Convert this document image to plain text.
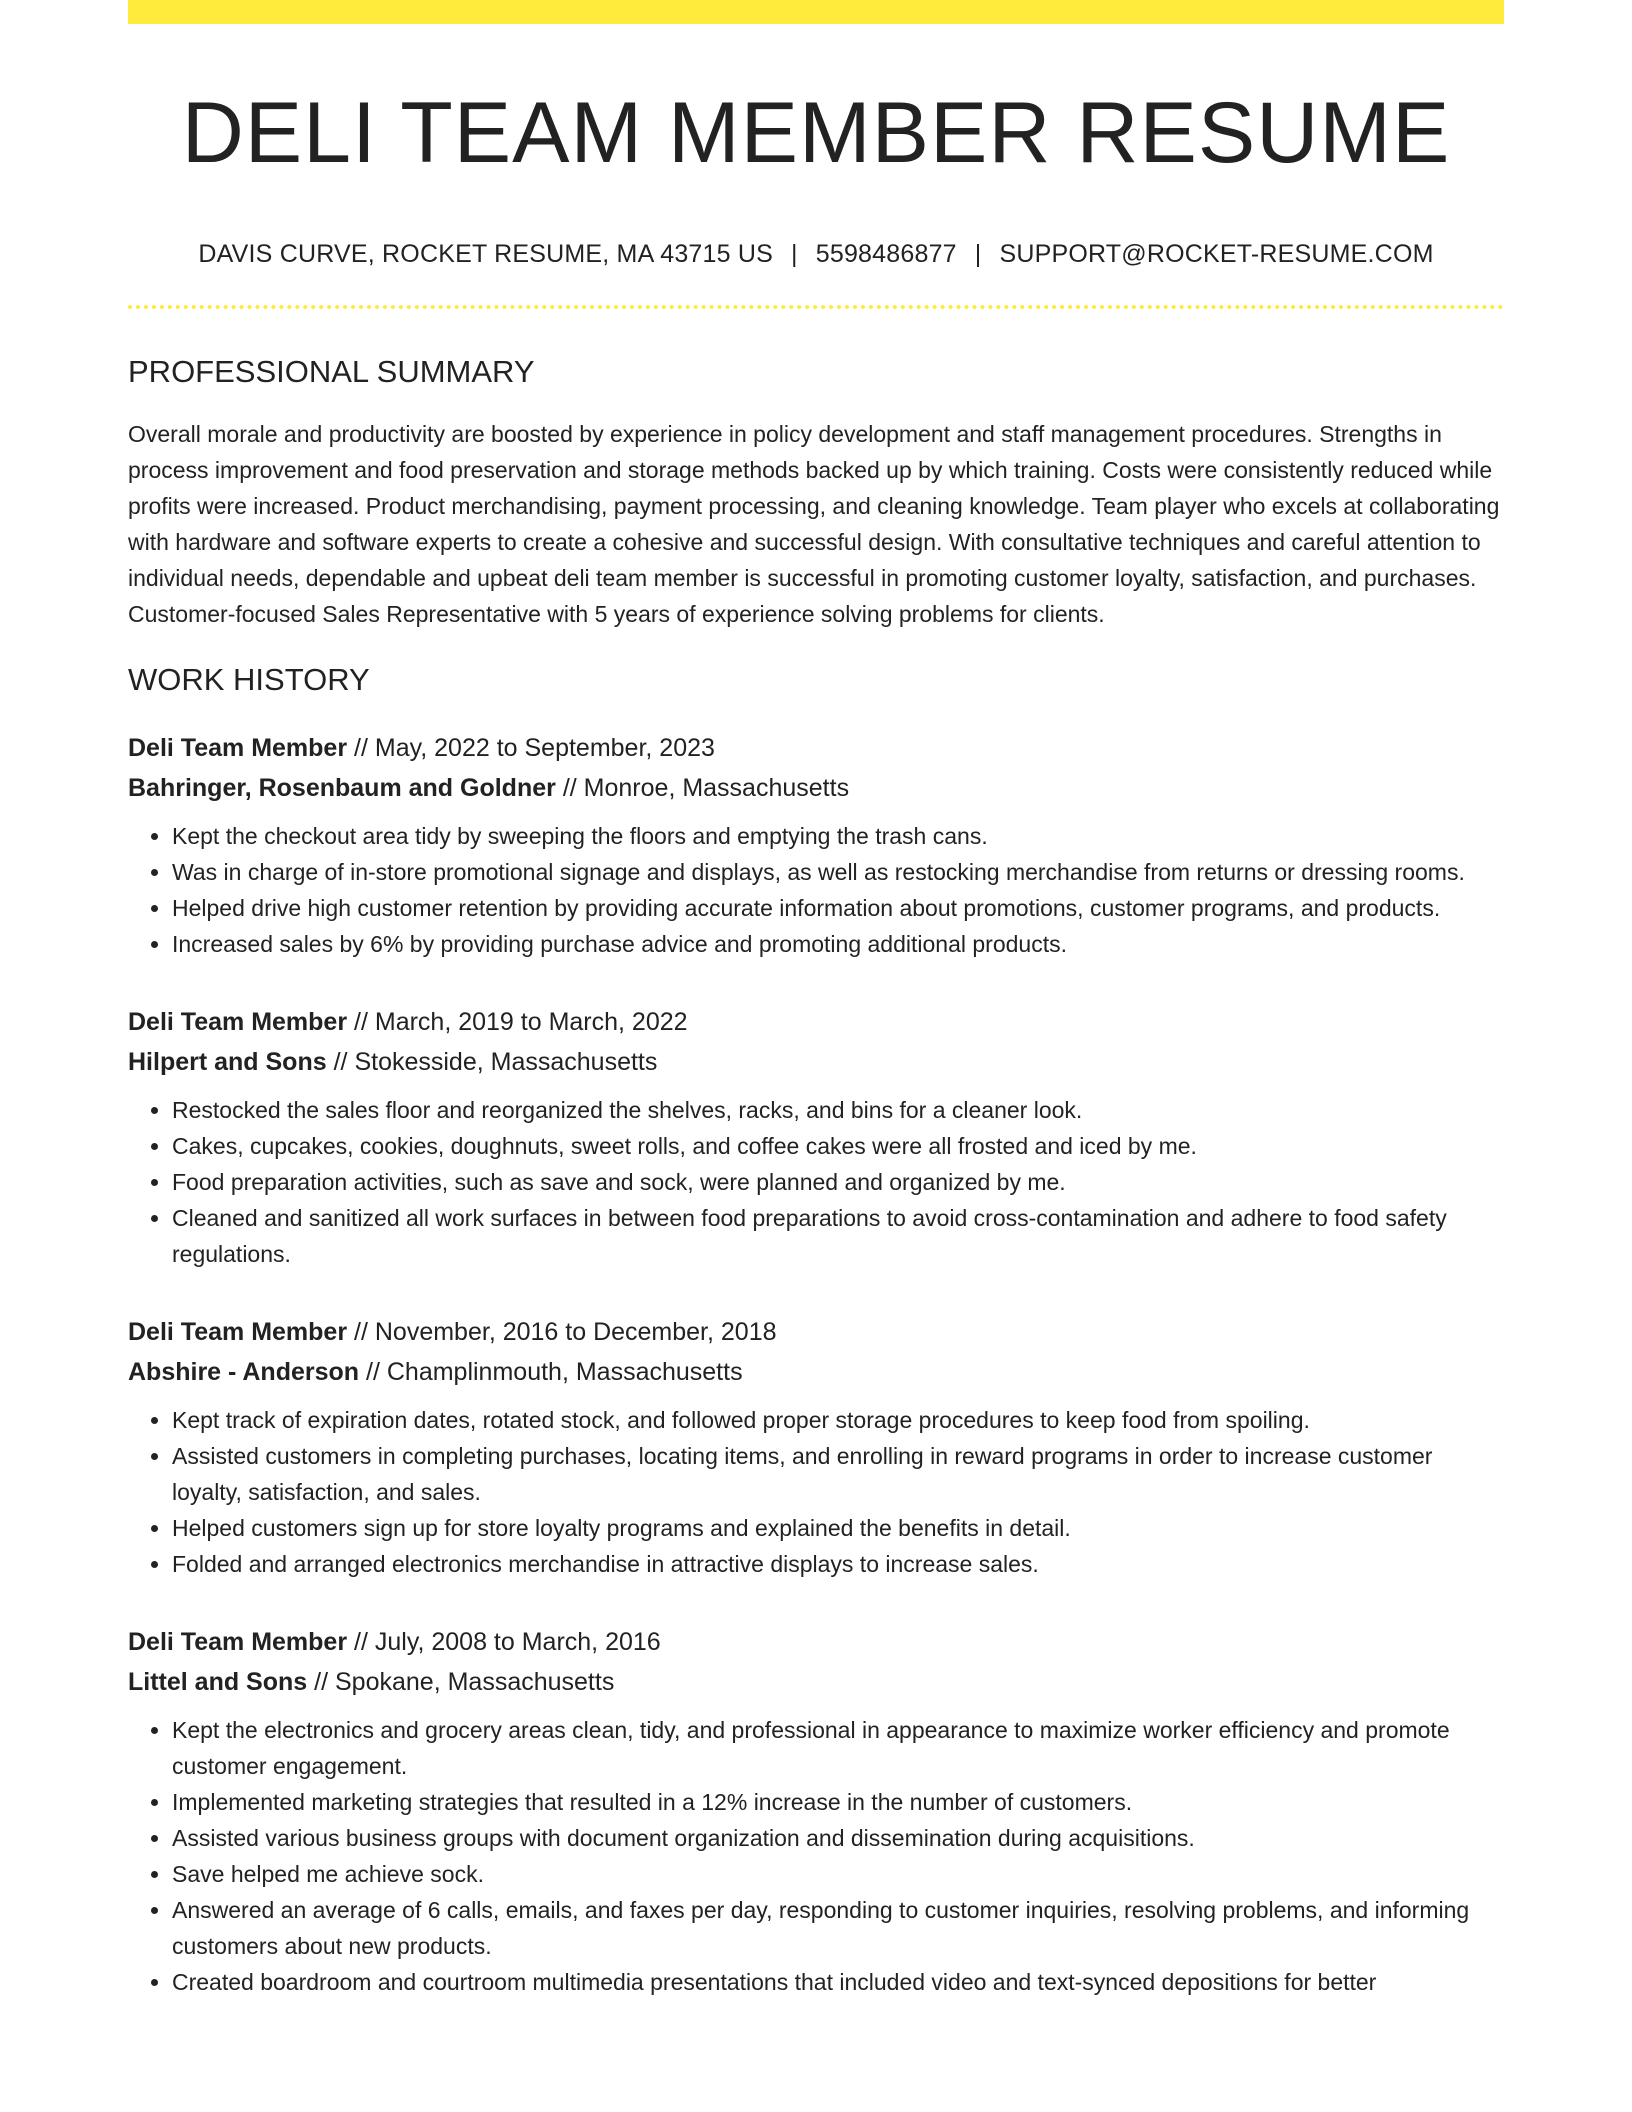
DELI TEAM MEMBER RESUME
DAVIS CURVE, ROCKET RESUME, MA 43715 US | 5598486877 | SUPPORT@ROCKET-RESUME.COM
PROFESSIONAL SUMMARY

Overall morale and productivity are boosted by experience in policy development and staff management procedures. Strengths in process improvement and food preservation and storage methods backed up by which training. Costs were consistently reduced while profits were increased. Product merchandising, payment processing, and cleaning knowledge. Team player who excels at collaborating with hardware and software experts to create a cohesive and successful design. With consultative techniques and careful attention to individual needs, dependable and upbeat deli team member is successful in promoting customer loyalty, satisfaction, and purchases. Customer-focused Sales Representative with 5 years of experience solving problems for clients.

WORK HISTORY
Deli Team Member // May, 2022 to September, 2023
Bahringer, Rosenbaum and Goldner // Monroe, Massachusetts
• Kept the checkout area tidy by sweeping the floors and emptying the trash cans.
• Was in charge of in-store promotional signage and displays, as well as restocking merchandise from returns or dressing rooms.
• Helped drive high customer retention by providing accurate information about promotions, customer programs, and products.
• Increased sales by 6% by providing purchase advice and promoting additional products.
Deli Team Member // March, 2019 to March, 2022
Hilpert and Sons // Stokesside, Massachusetts
• Restocked the sales floor and reorganized the shelves, racks, and bins for a cleaner look.
• Cakes, cupcakes, cookies, doughnuts, sweet rolls, and coffee cakes were all frosted and iced by me.
• Food preparation activities, such as save and sock, were planned and organized by me.
• Cleaned and sanitized all work surfaces in between food preparations to avoid cross-contamination and adhere to food safety regulations.
Deli Team Member // November, 2016 to December, 2018
Abshire - Anderson // Champlinmouth, Massachusetts
• Kept track of expiration dates, rotated stock, and followed proper storage procedures to keep food from spoiling.
• Assisted customers in completing purchases, locating items, and enrolling in reward programs in order to increase customer loyalty, satisfaction, and sales.
• Helped customers sign up for store loyalty programs and explained the benefits in detail.
• Folded and arranged electronics merchandise in attractive displays to increase sales.
Deli Team Member // July, 2008 to March, 2016
Littel and Sons // Spokane, Massachusetts
• Kept the electronics and grocery areas clean, tidy, and professional in appearance to maximize worker efficiency and promote customer engagement.
• Implemented marketing strategies that resulted in a 12% increase in the number of customers.
• Assisted various business groups with document organization and dissemination during acquisitions.
• Save helped me achieve sock.
• Answered an average of 6 calls, emails, and faxes per day, responding to customer inquiries, resolving problems, and informing customers about new products.
• Created boardroom and courtroom multimedia presentations that included video and text-synced depositions for better
